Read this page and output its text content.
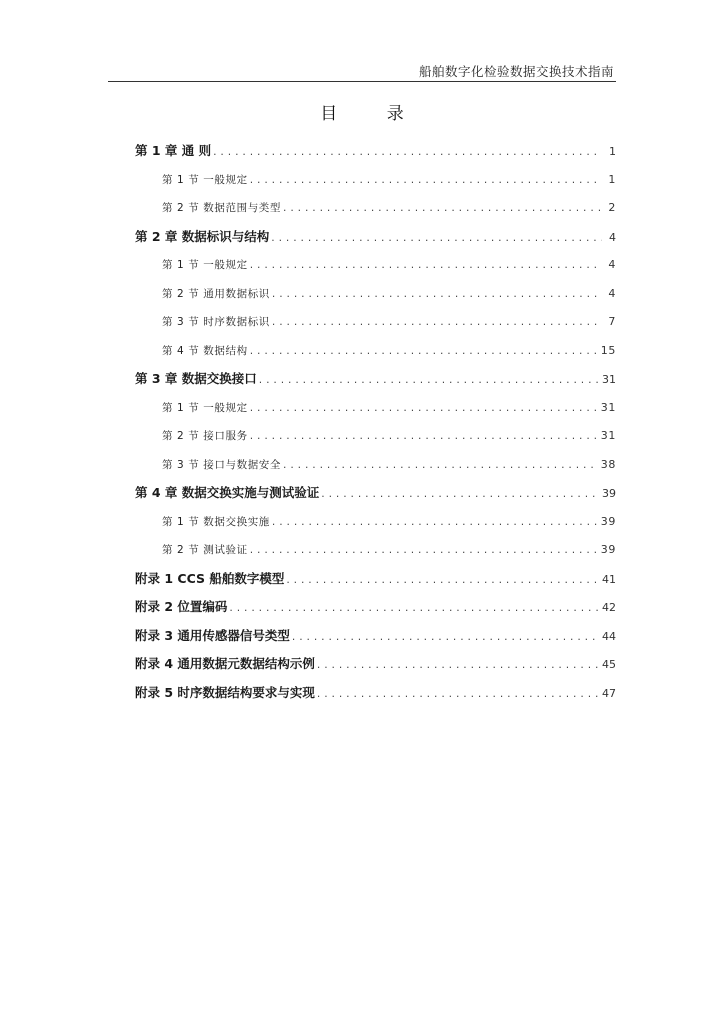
船舶数字化检验数据交换技术指南
目 录
第 1 章 通 则 .....	1
第 1 节 一般规定 .....	1
第 2 节 数据范围与类型 .....	2
第 2 章 数据标识与结构 .....	4
第 1 节 一般规定 .....	4
第 2 节 通用数据标识 .....	4
第 3 节 时序数据标识 .....	7
第 4 节 数据结构 .....	15
第 3 章 数据交换接口 .....	31
第 1 节 一般规定 .....	31
第 2 节 接口服务 .....	31
第 3 节 接口与数据安全 .....	38
第 4 章 数据交换实施与测试验证 .....	39
第 1 节 数据交换实施 .....	39
第 2 节 测试验证 .....	39
附录 1 CCS 船舶数字模型 .....	41
附录 2 位置编码 .....	42
附录 3 通用传感器信号类型 .....	44
附录 4 通用数据元数据结构示例 .....	45
附录 5 时序数据结构要求与实现 .....	47
